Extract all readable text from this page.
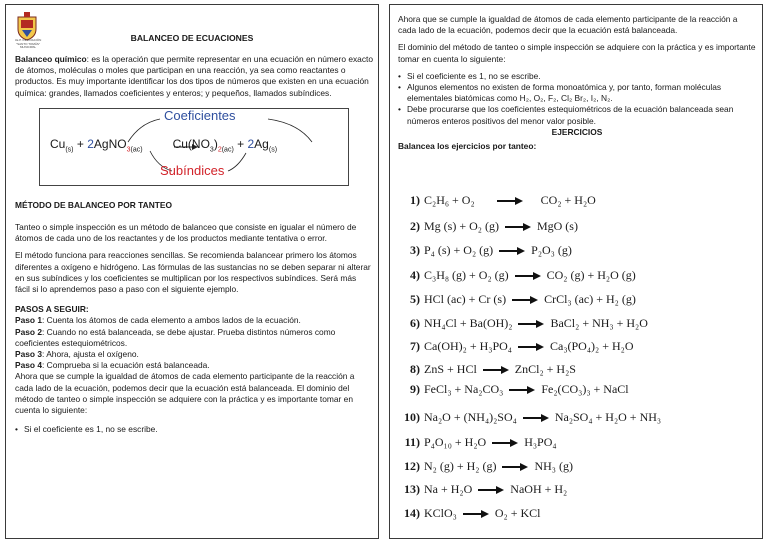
I.E.P. INNOVACIÓN "SANTO TOMÁS" MUNICIPAL
BALANCEO DE ECUACIONES

Balanceo químico: es la operación que permite representar en una ecuación en número exacto de átomos, moléculas o moles que participan en una reacción, ya sea como reactantes o productos. Es muy importante identificar los dos tipos de números que existen en una ecuación química: grandes, llamados coeficientes y enteros; y pequeños, llamados subíndices.

Coeficientes
Subíndices
$Cu_{(s)}$ + 2AgNO$_{3(ac)}$	$Cu(NO_3)_{2(ac)} + 2Ag_{(s)}$
MÉTODO DE BALANCEO POR TANTEO

Tanteo o simple inspección es un método de balanceo que consiste en igualar el número de átomos de cada uno de los reactantes y de los productos mediante tentativa o error.

El método funciona para reacciones sencillas. Se recomienda balancear primero los átomos diferentes a oxígeno e hidrógeno. Las fórmulas de las sustancias no se deben separar ni alterar en sus subíndices y los coeficientes se multiplican por los respectivos subíndices. Será más fácil si lo aprendemos paso a paso con el siguiente ejemplo.

PASOS A SEGUIR:
Paso 1: Cuenta los átomos de cada elemento a ambos lados de la ecuación.
Paso 2: Cuando no está balanceada, se debe ajustar. Prueba distintos números como coeficientes estequiométricos.
Paso 3: Ahora, ajusta el oxígeno.
Paso 4: Comprueba si la ecuación está balanceada.

Ahora que se cumple la igualdad de átomos de cada elemento participante de la reacción a cada lado de la ecuación, podemos decir que la ecuación está balanceada. El dominio del método de tanteo o simple inspección se adquiere con la práctica y es importante tomar en cuenta lo siguiente:

• Si el coeficiente es 1, no se escribe.

Ahora que se cumple la igualdad de átomos de cada elemento participante de la reacción a cada lado de la ecuación, podemos decir que la ecuación está balanceada.

El dominio del método de tanteo o simple inspección se adquiere con la práctica y es importante tomar en cuenta lo siguiente:

• Si el coeficiente es 1, no se escribe.
• Algunos elementos no existen de forma monoatómica y, por tanto, forman moléculas elementales biatómicas como H₂, O₂, F₂, Cl₂ Br₂, I₂, N₂.
• Debe procurarse que los coeficientes estequiométricos de la ecuación balanceada sean números enteros positivos del menor valor posible.
EJERCICIOS
Balancea los ejercicios por tanteo:
1) C₂H₆ + O₂	CO₂ + H₂O
2) Mg (s) + O₂ (g)	MgO (s)
3) P₄ (s) + O₂ (g)	P₂O₃ (g)
4) C₃H₈ (g) + O₂ (g)	CO₂ (g) + H₂O (g)
5) HCl (ac) + Cr (s)	CrCl₃ (ac) + H₂ (g)
6) NH₄Cl + Ba(OH)₂	BaCl₂ + NH₃ + H₂O
7) Ca(OH)₂ + H₃PO₄	Ca₃(PO₄)₂ + H₂O
8) ZnS + HCl	ZnCl₂ + H₂S
9) FeCl₃ + Na₂CO₃	Fe₂(CO₃)₃ + NaCl
10) Na₂O + (NH₄)₂SO₄	Na₂SO₄ + H₂O + NH₃
11) P₄O₁₀ + H₂O	H₃PO₄
12) N₂ (g) + H₂ (g)	NH₃ (g)
13) Na + H₂O	NaOH + H₂
14) KClO₃	O₂ + KCl
